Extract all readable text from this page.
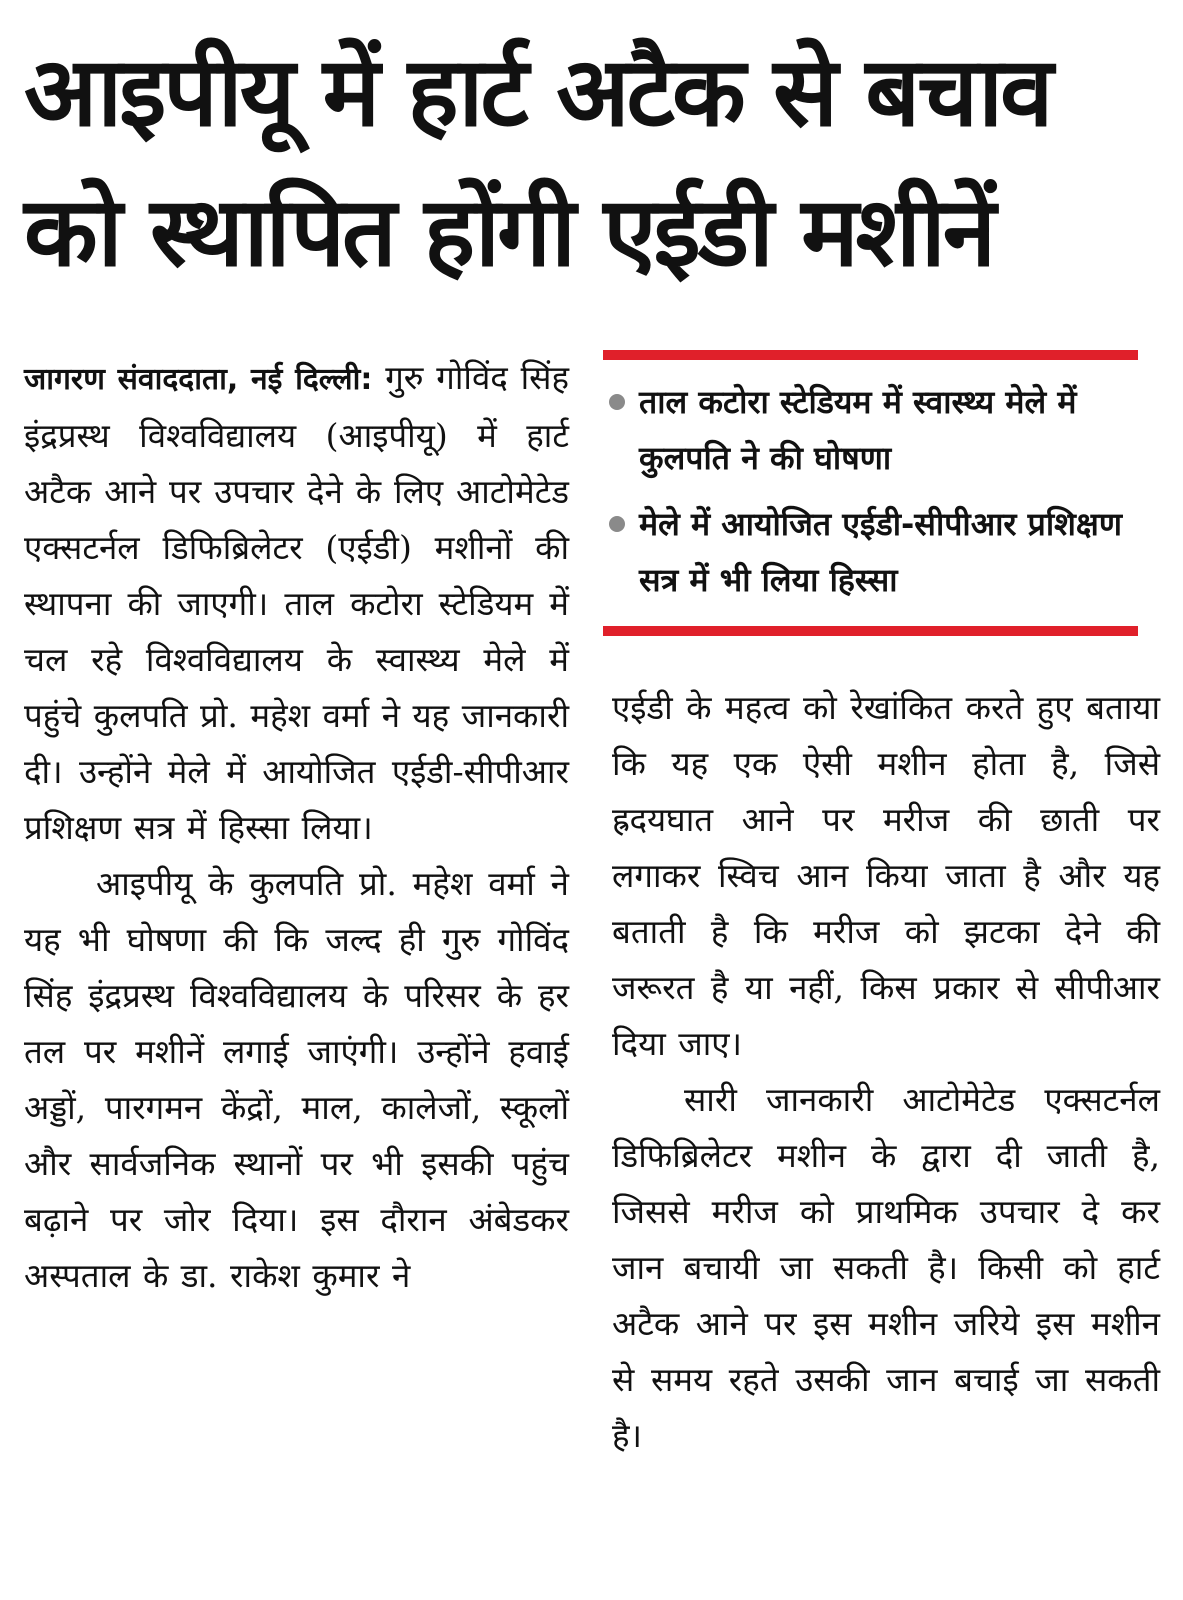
आइपीयू में हार्ट अटैक से बचाव
को स्थापित होंगी एईडी मशीनें

जागरण संवाददाता, नई दिल्ली: गुरु गोविंद सिंह इंद्रप्रस्थ विश्वविद्यालय (आइपीयू) में हार्ट अटैक आने पर उपचार देने के लिए आटोमेटेड एक्सटर्नल डिफिब्रिलेटर (एईडी) मशीनों की स्थापना की जाएगी। ताल कटोरा स्टेडियम में चल रहे विश्वविद्यालय के स्वास्थ्य मेले में पहुंचे कुलपति प्रो. महेश वर्मा ने यह जानकारी दी। उन्होंने मेले में आयोजित एईडी-सीपीआर प्रशिक्षण सत्र में हिस्सा लिया।

आइपीयू के कुलपति प्रो. महेश वर्मा ने यह भी घोषणा की कि जल्द ही गुरु गोविंद सिंह इंद्रप्रस्थ विश्वविद्यालय के परिसर के हर तल पर मशीनें लगाई जाएंगी। उन्होंने हवाई अड्डों, पारगमन केंद्रों, माल, कालेजों, स्कूलों और सार्वजनिक स्थानों पर भी इसकी पहुंच बढ़ाने पर जोर दिया। इस दौरान अंबेडकर अस्पताल के डा. राकेश कुमार ने

ताल कटोरा स्टेडियम में स्वास्थ्य मेले में कुलपति ने की घोषणा
मेले में आयोजित एईडी-सीपीआर प्रशिक्षण सत्र में भी लिया हिस्सा

एईडी के महत्व को रेखांकित करते हुए बताया कि यह एक ऐसी मशीन होता है, जिसे ह्रदयघात आने पर मरीज की छाती पर लगाकर स्विच आन किया जाता है और यह बताती है कि मरीज को झटका देने की जरूरत है या नहीं, किस प्रकार से सीपीआर दिया जाए।

सारी जानकारी आटोमेटेड एक्सटर्नल डिफिब्रिलेटर मशीन के द्वारा दी जाती है, जिससे मरीज को प्राथमिक उपचार दे कर जान बचायी जा सकती है। किसी को हार्ट अटैक आने पर इस मशीन जरिये इस मशीन से समय रहते उसकी जान बचाई जा सकती है।
